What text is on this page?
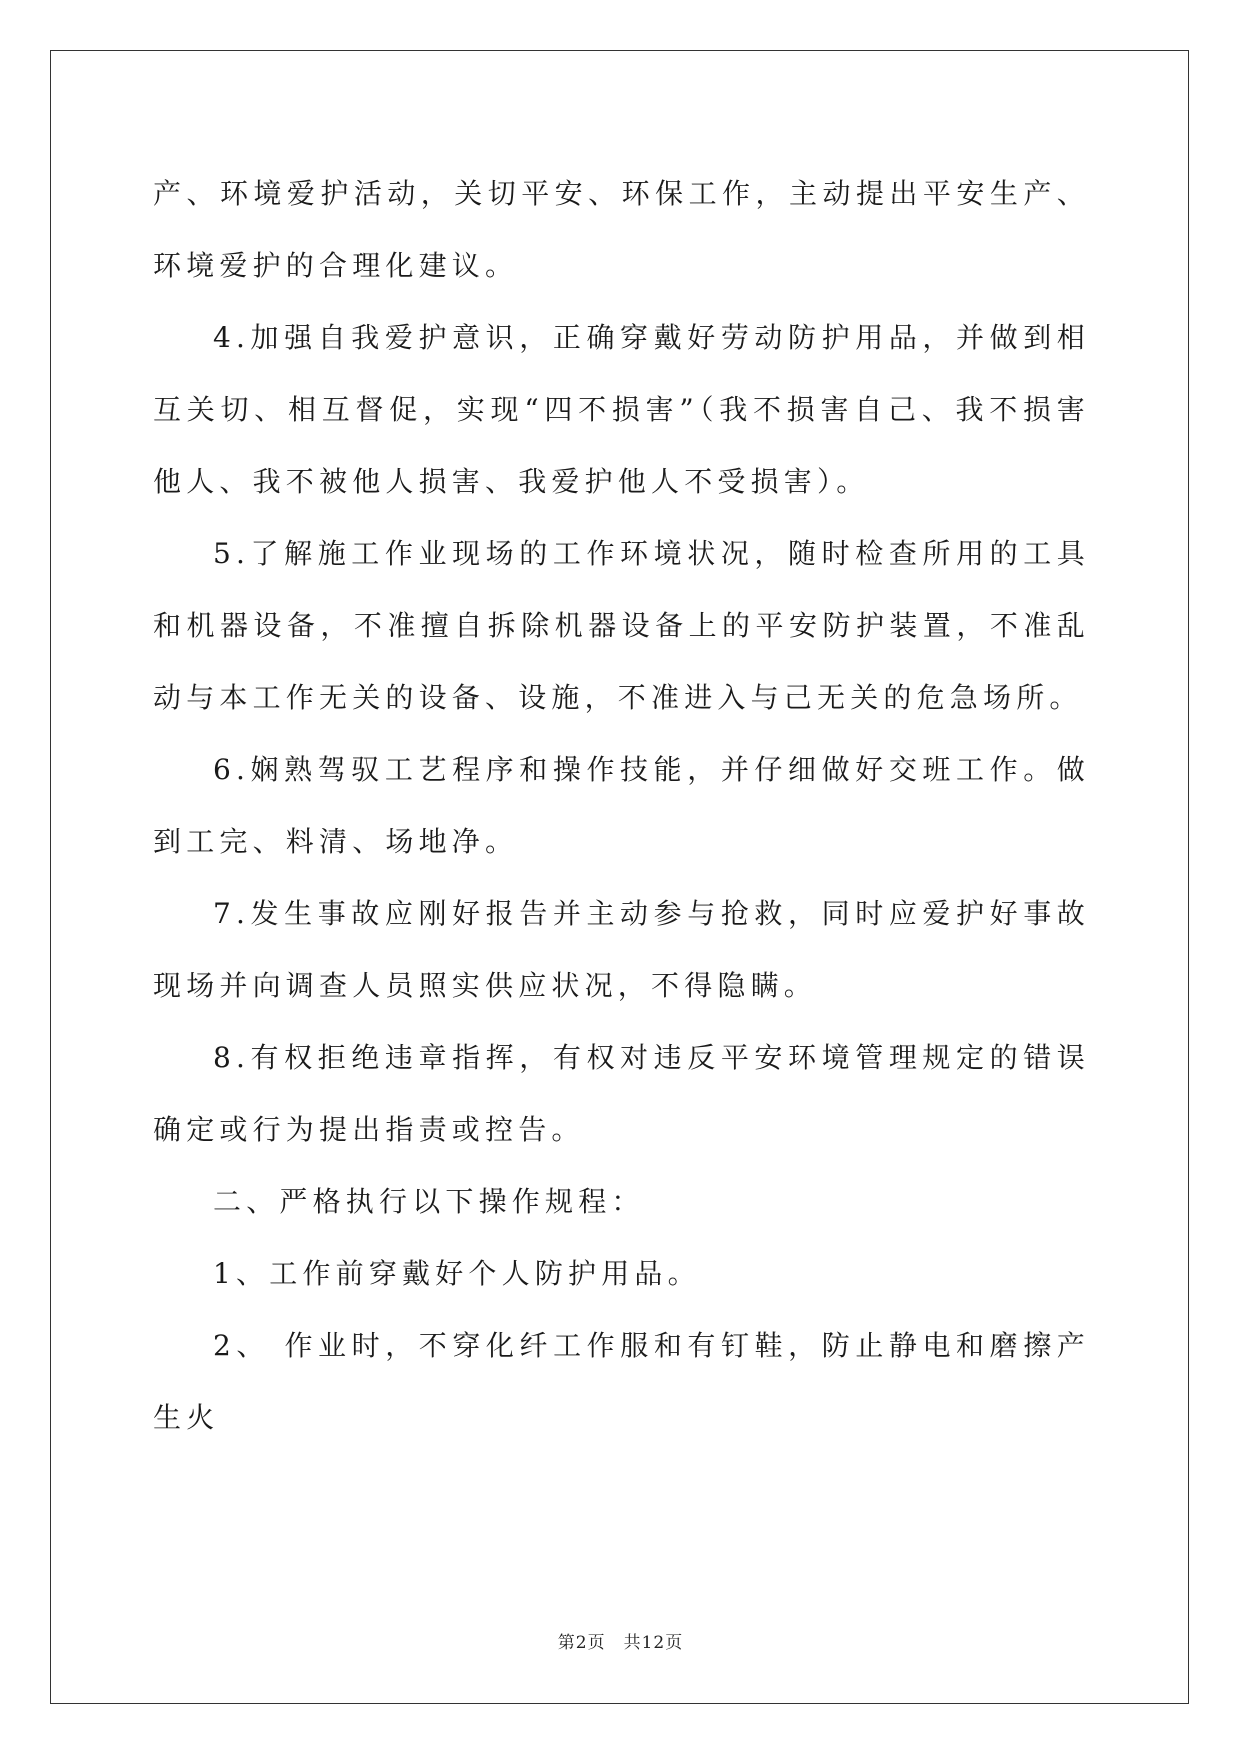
产、环境爱护活动，关切平安、环保工作，主动提出平安生产、环境爱护的合理化建议。

4.加强自我爱护意识，正确穿戴好劳动防护用品，并做到相互关切、相互督促，实现“四不损害”（我不损害自己、我不损害他人、我不被他人损害、我爱护他人不受损害）。

5.了解施工作业现场的工作环境状况，随时检查所用的工具和机器设备，不准擅自拆除机器设备上的平安防护装置，不准乱动与本工作无关的设备、设施，不准进入与己无关的危急场所。

6.娴熟驾驭工艺程序和操作技能，并仔细做好交班工作。做到工完、料清、场地净。

7.发生事故应刚好报告并主动参与抢救，同时应爱护好事故现场并向调查人员照实供应状况，不得隐瞒。

8.有权拒绝违章指挥，有权对违反平安环境管理规定的错误确定或行为提出指责或控告。

二、严格执行以下操作规程：

1、工作前穿戴好个人防护用品。

2、 作业时，不穿化纤工作服和有钉鞋，防止静电和磨擦产生火

第2页 共12页
